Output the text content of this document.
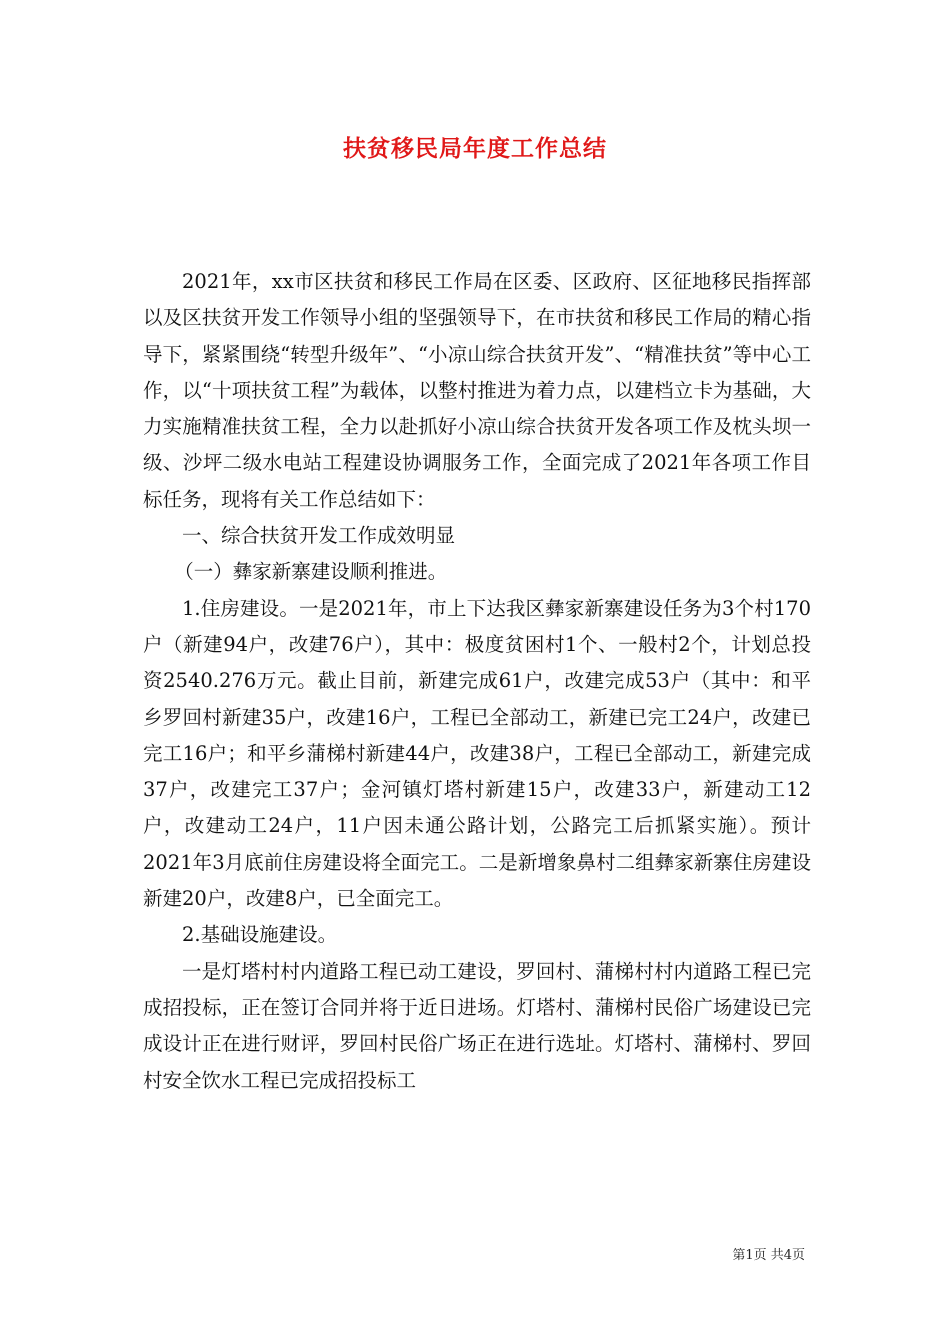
扶贫移民局年度工作总结

2021年，xx市区扶贫和移民工作局在区委、区政府、区征地移民指挥部以及区扶贫开发工作领导小组的坚强领导下，在市扶贫和移民工作局的精心指导下，紧紧围绕“转型升级年”、“小凉山综合扶贫开发”、“精准扶贫”等中心工作，以“十项扶贫工程”为载体，以整村推进为着力点，以建档立卡为基础，大力实施精准扶贫工程，全力以赴抓好小凉山综合扶贫开发各项工作及枕头坝一级、沙坪二级水电站工程建设协调服务工作，全面完成了2021年各项工作目标任务，现将有关工作总结如下：

一、综合扶贫开发工作成效明显

（一）彝家新寨建设顺利推进。

1.住房建设。一是2021年，市上下达我区彝家新寨建设任务为3个村170户（新建94户，改建76户），其中：极度贫困村1个、一般村2个，计划总投资2540.276万元。截止目前，新建完成61户，改建完成53户（其中：和平乡罗回村新建35户，改建16户，工程已全部动工，新建已完工24户，改建已完工16户；和平乡蒲梯村新建44户，改建38户，工程已全部动工，新建完成37户，改建完工37户；金河镇灯塔村新建15户，改建33户，新建动工12户，改建动工24户，11户因未通公路计划，公路完工后抓紧实施）。预计2021年3月底前住房建设将全面完工。二是新增象鼻村二组彝家新寨住房建设新建20户，改建8户，已全面完工。

2.基础设施建设。

一是灯塔村村内道路工程已动工建设，罗回村、蒲梯村村内道路工程已完成招投标，正在签订合同并将于近日进场。灯塔村、蒲梯村民俗广场建设已完成设计正在进行财评，罗回村民俗广场正在进行选址。灯塔村、蒲梯村、罗回村安全饮水工程已完成招投标工

第1页 共4页
